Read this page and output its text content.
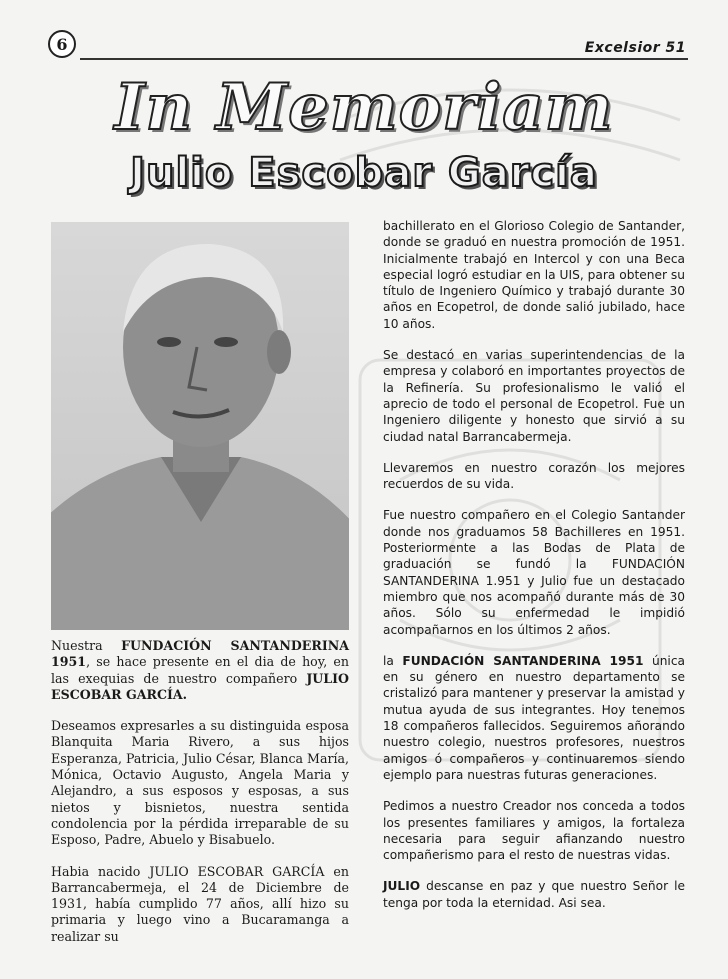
6	Excelsior 51
In Memoriam
Julio Escobar García

Nuestra FUNDACIÓN SANTANDERINA 1951, se hace presente en el dia de hoy, en las exequias de nuestro compañero JULIO ESCOBAR GARCÍA.

Deseamos expresarles a su distinguida esposa Blanquita Maria Rivero, a sus hijos Esperanza, Patricia, Julio César, Blanca María, Mónica, Octavio Augusto, Angela Maria y Alejandro, a sus esposos y esposas, a sus nietos y bisnietos, nuestra sentida condolencia por la pérdida irreparable de su Esposo, Padre, Abuelo y Bisabuelo.

Habia nacido JULIO ESCOBAR GARCÍA en Barrancabermeja, el 24 de Diciembre de 1931, había cumplido 77 años, allí hizo su primaria y luego vino a Bucaramanga a realizar su

bachillerato en el Glorioso Colegio de Santander, donde se graduó en nuestra promoción de 1951. Inicialmente trabajó en Intercol y con una Beca especial logró estudiar en la UIS, para obtener su título de Ingeniero Químico y trabajó durante 30 años en Ecopetrol, de donde salió jubilado, hace 10 años.

Se destacó en varias superintendencias de la empresa y colaboró en importantes proyectos de la Refinería. Su profesionalismo le valió el aprecio de todo el personal de Ecopetrol. Fue un Ingeniero diligente y honesto que sirvió a su ciudad natal Barrancabermeja.

Llevaremos en nuestro corazón los mejores recuerdos de su vida.

Fue nuestro compañero en el Colegio Santander donde nos graduamos 58 Bachilleres en 1951. Posteriormente a las Bodas de Plata de graduación se fundó la FUNDACIÓN SANTANDERINA 1.951 y Julio fue un destacado miembro que nos acompañó durante más de 30 años. Sólo su enfermedad le impidió acompañarnos en los últimos 2 años.

la FUNDACIÓN SANTANDERINA 1951 única en su género en nuestro departamento se cristalizó para mantener y preservar la amistad y mutua ayuda de sus integrantes. Hoy tenemos 18 compañeros fallecidos. Seguiremos añorando nuestro colegio, nuestros profesores, nuestros amigos ó compañeros y continuaremos siendo ejemplo para nuestras futuras generaciones.

Pedimos a nuestro Creador nos conceda a todos los presentes familiares y amigos, la fortaleza necesaria para seguir afianzando nuestro compañerismo para el resto de nuestras vidas.

JULIO descanse en paz y que nuestro Señor le tenga por toda la eternidad. Asi sea.
